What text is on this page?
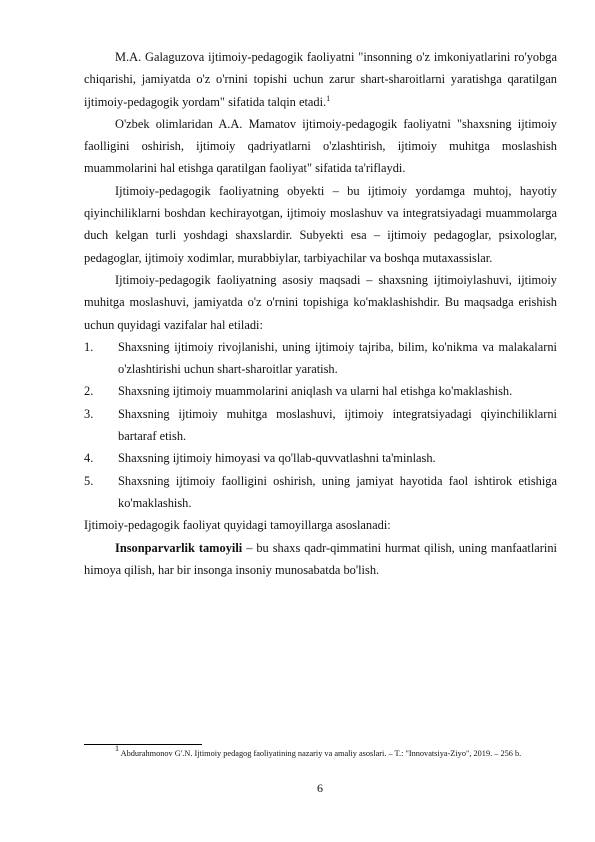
M.A. Galaguzova ijtimoiy-pedagogik faoliyatni "insonning o'z imkoniyatlarini ro'yobga chiqarishi, jamiyatda o'z o'rnini topishi uchun zarur shart-sharoitlarni yaratishga qaratilgan ijtimoiy-pedagogik yordam" sifatida talqin etadi.$^1$

O'zbek olimlaridan A.A. Mamatov ijtimoiy-pedagogik faoliyatni "shaxsning ijtimoiy faolligini oshirish, ijtimoiy qadriyatlarni o'zlashtirish, ijtimoiy muhitga moslashish muammolarini hal etishga qaratilgan faoliyat" sifatida ta'riflaydi.

Ijtimoiy-pedagogik faoliyatning obyekti – bu ijtimoiy yordamga muhtoj, hayotiy qiyinchiliklarni boshdan kechirayotgan, ijtimoiy moslashuv va integratsiyadagi muammolarga duch kelgan turli yoshdagi shaxslardir. Subyekti esa – ijtimoiy pedagoglar, psixologlar, pedagoglar, ijtimoiy xodimlar, murabbiylar, tarbiyachilar va boshqa mutaxassislar.

Ijtimoiy-pedagogik faoliyatning asosiy maqsadi – shaxsning ijtimoiylashuvi, ijtimoiy muhitga moslashuvi, jamiyatda o'z o'rnini topishiga ko'maklashishdir. Bu maqsadga erishish uchun quyidagi vazifalar hal etiladi:

1.	Shaxsning ijtimoiy rivojlanishi, uning ijtimoiy tajriba, bilim, ko'nikma va malakalarni o'zlashtirishi uchun shart-sharoitlar yaratish.
2.	Shaxsning ijtimoiy muammolarini aniqlash va ularni hal etishga ko'maklashish.
3.	Shaxsning ijtimoiy muhitga moslashuvi, ijtimoiy integratsiyadagi qiyinchiliklarni bartaraf etish.
4.	Shaxsning ijtimoiy himoyasi va qo'llab-quvvatlashni ta'minlash.
5.	Shaxsning ijtimoiy faolligini oshirish, uning jamiyat hayotida faol ishtirok etishiga ko'maklashish.

Ijtimoiy-pedagogik faoliyat quyidagi tamoyillarga asoslanadi:

Insonparvarlik tamoyili – bu shaxs qadr-qimmatini hurmat qilish, uning manfaatlarini himoya qilish, har bir insonga insoniy munosabatda bo'lish.

$^1$ Abdurahmonov G'.N. Ijtimoiy pedagog faoliyatining nazariy va amaliy asoslari. – T.: "Innovatsiya-Ziyo", 2019. – 256 b.
6
